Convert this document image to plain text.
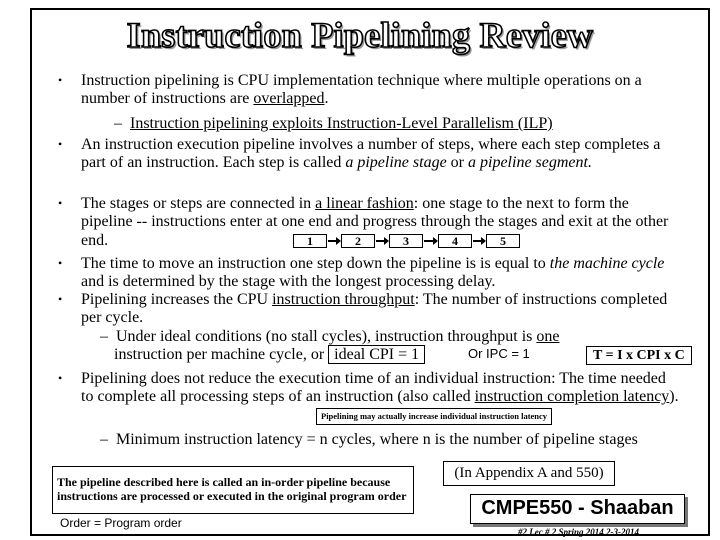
Instruction Pipelining Review
• Instruction pipelining is CPU implementation technique where multiple operations on a number of instructions are overlapped.
– Instruction pipelining exploits Instruction-Level Parallelism (ILP)
• An instruction execution pipeline involves a number of steps, where each step completes a part of an instruction. Each step is called a pipeline stage or a pipeline segment.
• The stages or steps are connected in a linear fashion: one stage to the next to form the pipeline -- instructions enter at one end and progress through the stages and exit at the other end.	1	2	3	4	5
• The time to move an instruction one step down the pipeline is is equal to the machine cycle and is determined by the stage with the longest processing delay.
• Pipelining increases the CPU instruction throughput: The number of instructions completed per cycle.
– Under ideal conditions (no stall cycles), instruction throughput is one
instruction per machine cycle, or ideal CPI = 1	Or IPC = 1	T = I x CPI x C
• Pipelining does not reduce the execution time of an individual instruction: The time needed to complete all processing steps of an instruction (also called instruction completion latency).
Pipelining may actually increase individual instruction latency
–  Minimum instruction latency = n cycles, where n is the number of pipeline stages
(In Appendix A and 550)
The pipeline described here is called an in-order pipeline because instructions are processed or executed in the original program order
Order = Program order
CMPE550 - Shaaban
#2 Lec # 2 Spring 2014 2-3-2014
